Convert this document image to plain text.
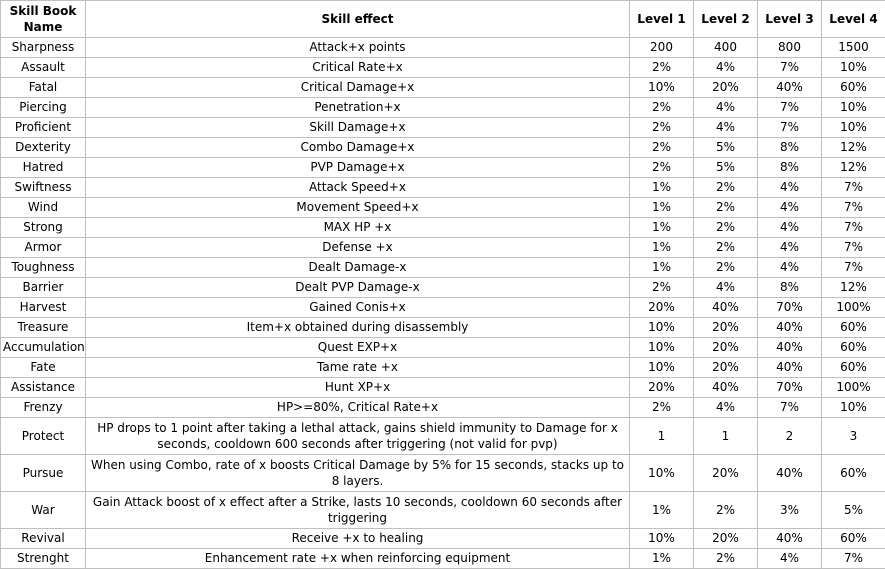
Skill Book Name	Skill effect	Level 1	Level 2	Level 3	Level 4
Sharpness	Attack+x points	200	400	800	1500
Assault	Critical Rate+x	2%	4%	7%	10%
Fatal	Critical Damage+x	10%	20%	40%	60%
Piercing	Penetration+x	2%	4%	7%	10%
Proficient	Skill Damage+x	2%	4%	7%	10%
Dexterity	Combo Damage+x	2%	5%	8%	12%
Hatred	PVP Damage+x	2%	5%	8%	12%
Swiftness	Attack Speed+x	1%	2%	4%	7%
Wind	Movement Speed+x	1%	2%	4%	7%
Strong	MAX HP +x	1%	2%	4%	7%
Armor	Defense +x	1%	2%	4%	7%
Toughness	Dealt Damage-x	1%	2%	4%	7%
Barrier	Dealt PVP Damage-x	2%	4%	8%	12%
Harvest	Gained Conis+x	20%	40%	70%	100%
Treasure	Item+x obtained during disassembly	10%	20%	40%	60%
Accumulation	Quest EXP+x	10%	20%	40%	60%
Fate	Tame rate +x	10%	20%	40%	60%
Assistance	Hunt XP+x	20%	40%	70%	100%
Frenzy	HP>=80%, Critical Rate+x	2%	4%	7%	10%
Protect	HP drops to 1 point after taking a lethal attack, gains shield immunity to Damage for x seconds, cooldown 600 seconds after triggering (not valid for pvp)	1	1	2	3
Pursue	When using Combo, rate of x boosts Critical Damage by 5% for 15 seconds, stacks up to 8 layers.	10%	20%	40%	60%
War	Gain Attack boost of x effect after a Strike, lasts 10 seconds, cooldown 60 seconds after triggering	1%	2%	3%	5%
Revival	Receive +x to healing	10%	20%	40%	60%
Strenght	Enhancement rate +x when reinforcing equipment	1%	2%	4%	7%
